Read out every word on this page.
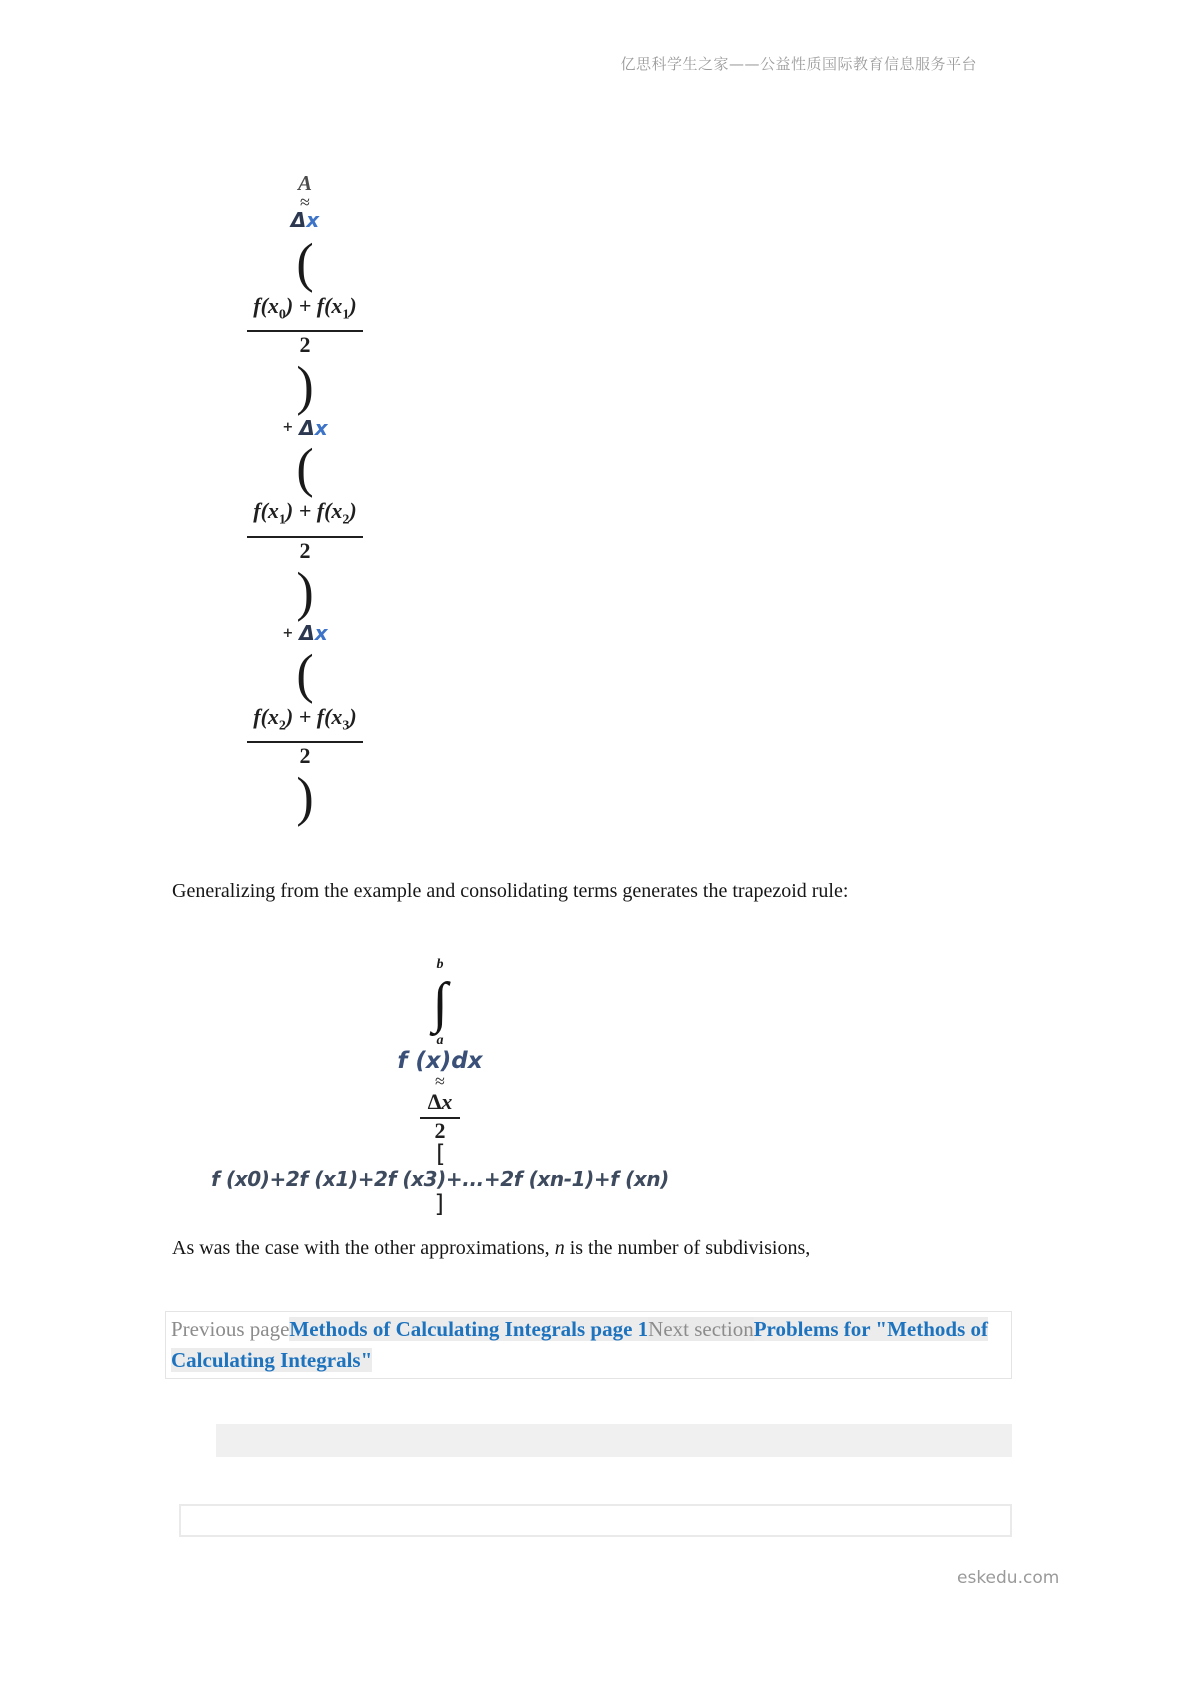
亿思科学生之家——公益性质国际教育信息服务平台
A
≈
Δx
(
$\frac{f(x_0) + f(x_1)}{2}$
)
+ Δx
(
$\frac{f(x_1) + f(x_2)}{2}$
)
+ Δx
(
$\frac{f(x_2) + f(x_3)}{2}$
)
Generalizing from the example and consolidating terms generates the trapezoid rule:
b
∫
a
f (x)dx
≈
$\frac{\Delta x}{2}$
[
f (x0)+2f (x1)+2f (x3)+...+2f (xn-1)+f (xn)
]
As was the case with the other approximations, n is the number of subdivisions,
Previous pageMethods of Calculating Integrals page 1Next sectionProblems for "Methods of Calculating Integrals"
eskedu.com
